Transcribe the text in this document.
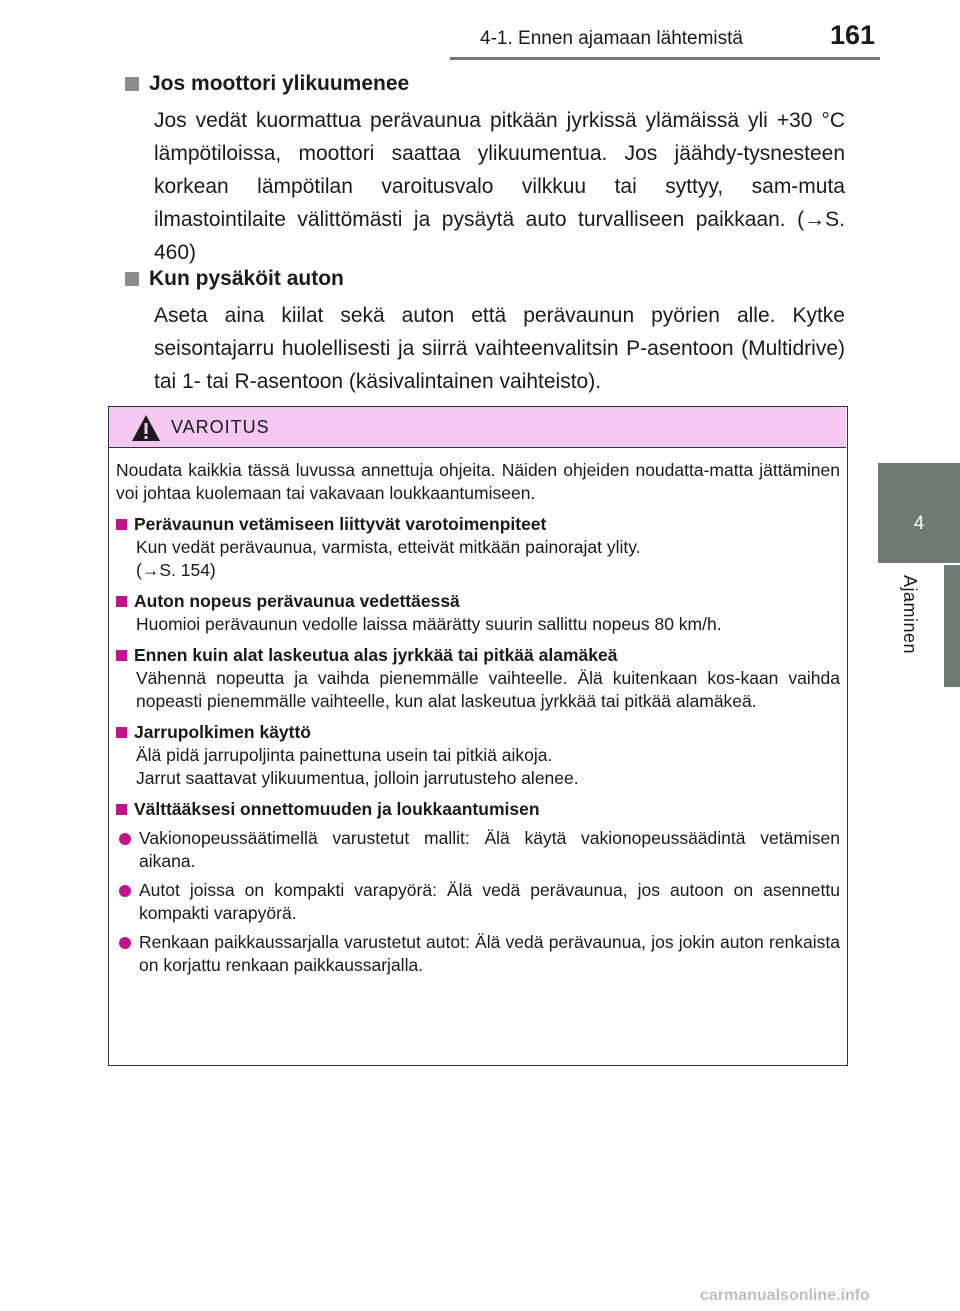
4-1. Ennen ajamaan lähtemistä	161
4
Ajaminen
Jos moottori ylikuumenee
Jos vedät kuormattua perävaunua pitkään jyrkissä ylämäissä yli +30 °C lämpötiloissa, moottori saattaa ylikuumentua. Jos jäähdy-tysnesteen korkean lämpötilan varoitusvalo vilkkuu tai syttyy, sam-muta ilmastointilaite välittömästi ja pysäytä auto turvalliseen paikkaan. (→S. 460)
Kun pysäköit auton
Aseta aina kiilat sekä auton että perävaunun pyörien alle. Kytke seisontajarru huolellisesti ja siirrä vaihteenvalitsin P-asentoon (Multidrive) tai 1- tai R-asentoon (käsivalintainen vaihteisto).
VAROITUS
Noudata kaikkia tässä luvussa annettuja ohjeita. Näiden ohjeiden noudatta-matta jättäminen voi johtaa kuolemaan tai vakavaan loukkaantumiseen.
Perävaunun vetämiseen liittyvät varotoimenpiteet
Kun vedät perävaunua, varmista, etteivät mitkään painorajat ylity.
(→S. 154)
Auton nopeus perävaunua vedettäessä
Huomioi perävaunun vedolle laissa määrätty suurin sallittu nopeus 80 km/h.
Ennen kuin alat laskeutua alas jyrkkää tai pitkää alamäkeä
Vähennä nopeutta ja vaihda pienemmälle vaihteelle. Älä kuitenkaan kos-kaan vaihda nopeasti pienemmälle vaihteelle, kun alat laskeutua jyrkkää tai pitkää alamäkeä.
Jarrupolkimen käyttö
Älä pidä jarrupoljinta painettuna usein tai pitkiä aikoja.
Jarrut saattavat ylikuumentua, jolloin jarrutusteho alenee.
Välttääksesi onnettomuuden ja loukkaantumisen
Vakionopeussäätimellä varustetut mallit: Älä käytä vakionopeussäädintä vetämisen aikana.
Autot joissa on kompakti varapyörä: Älä vedä perävaunua, jos autoon on asennettu kompakti varapyörä.
Renkaan paikkaussarjalla varustetut autot: Älä vedä perävaunua, jos jokin auton renkaista on korjattu renkaan paikkaussarjalla.
carmanualsonline.info
